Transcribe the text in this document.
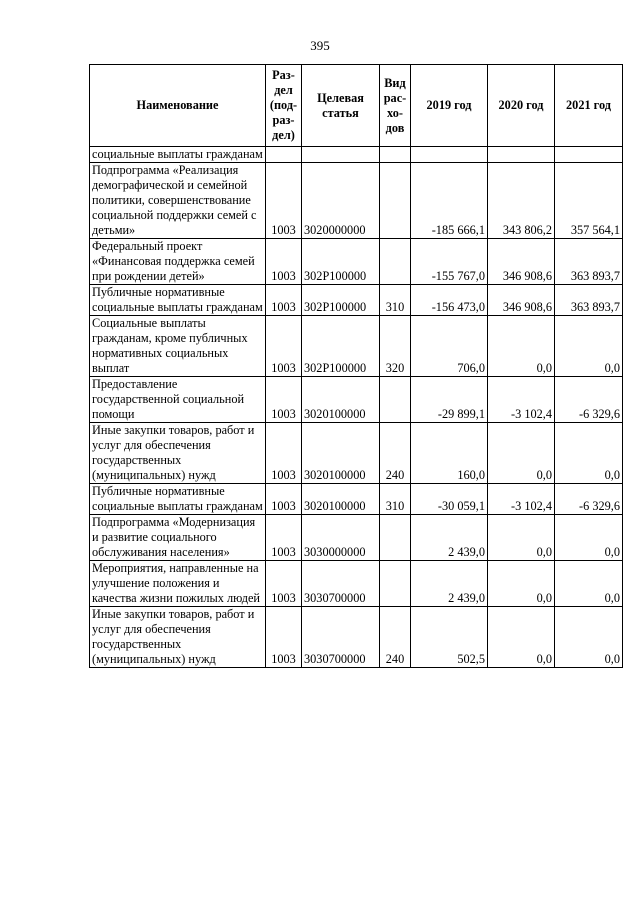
395
Наименование	Раз-
дел
(под-
раз-
дел)	Целевая
статья	Вид
рас-
хо-
дов	2019 год	2020 год	2021 год
социальные выплаты гражданам						
Подпрограмма «Реализация демографической и семейной политики, совершенствование социальной поддержки семей с детьми»	1003	3020000000		-185 666,1	343 806,2	357 564,1
Федеральный проект «Финансовая поддержка семей при рождении детей»	1003	302P100000		-155 767,0	346 908,6	363 893,7
Публичные нормативные социальные выплаты гражданам	1003	302P100000	310	-156 473,0	346 908,6	363 893,7
Социальные выплаты гражданам, кроме публичных нормативных социальных выплат	1003	302P100000	320	706,0	0,0	0,0
Предоставление государственной социальной помощи	1003	3020100000		-29 899,1	-3 102,4	-6 329,6
Иные закупки товаров, работ и услуг для обеспечения государственных (муниципальных) нужд	1003	3020100000	240	160,0	0,0	0,0
Публичные нормативные социальные выплаты гражданам	1003	3020100000	310	-30 059,1	-3 102,4	-6 329,6
Подпрограмма «Модернизация и развитие социального обслуживания населения»	1003	3030000000		2 439,0	0,0	0,0
Мероприятия, направленные на улучшение положения и качества жизни пожилых людей	1003	3030700000		2 439,0	0,0	0,0
Иные закупки товаров, работ и услуг для обеспечения государственных (муниципальных) нужд	1003	3030700000	240	502,5	0,0	0,0
